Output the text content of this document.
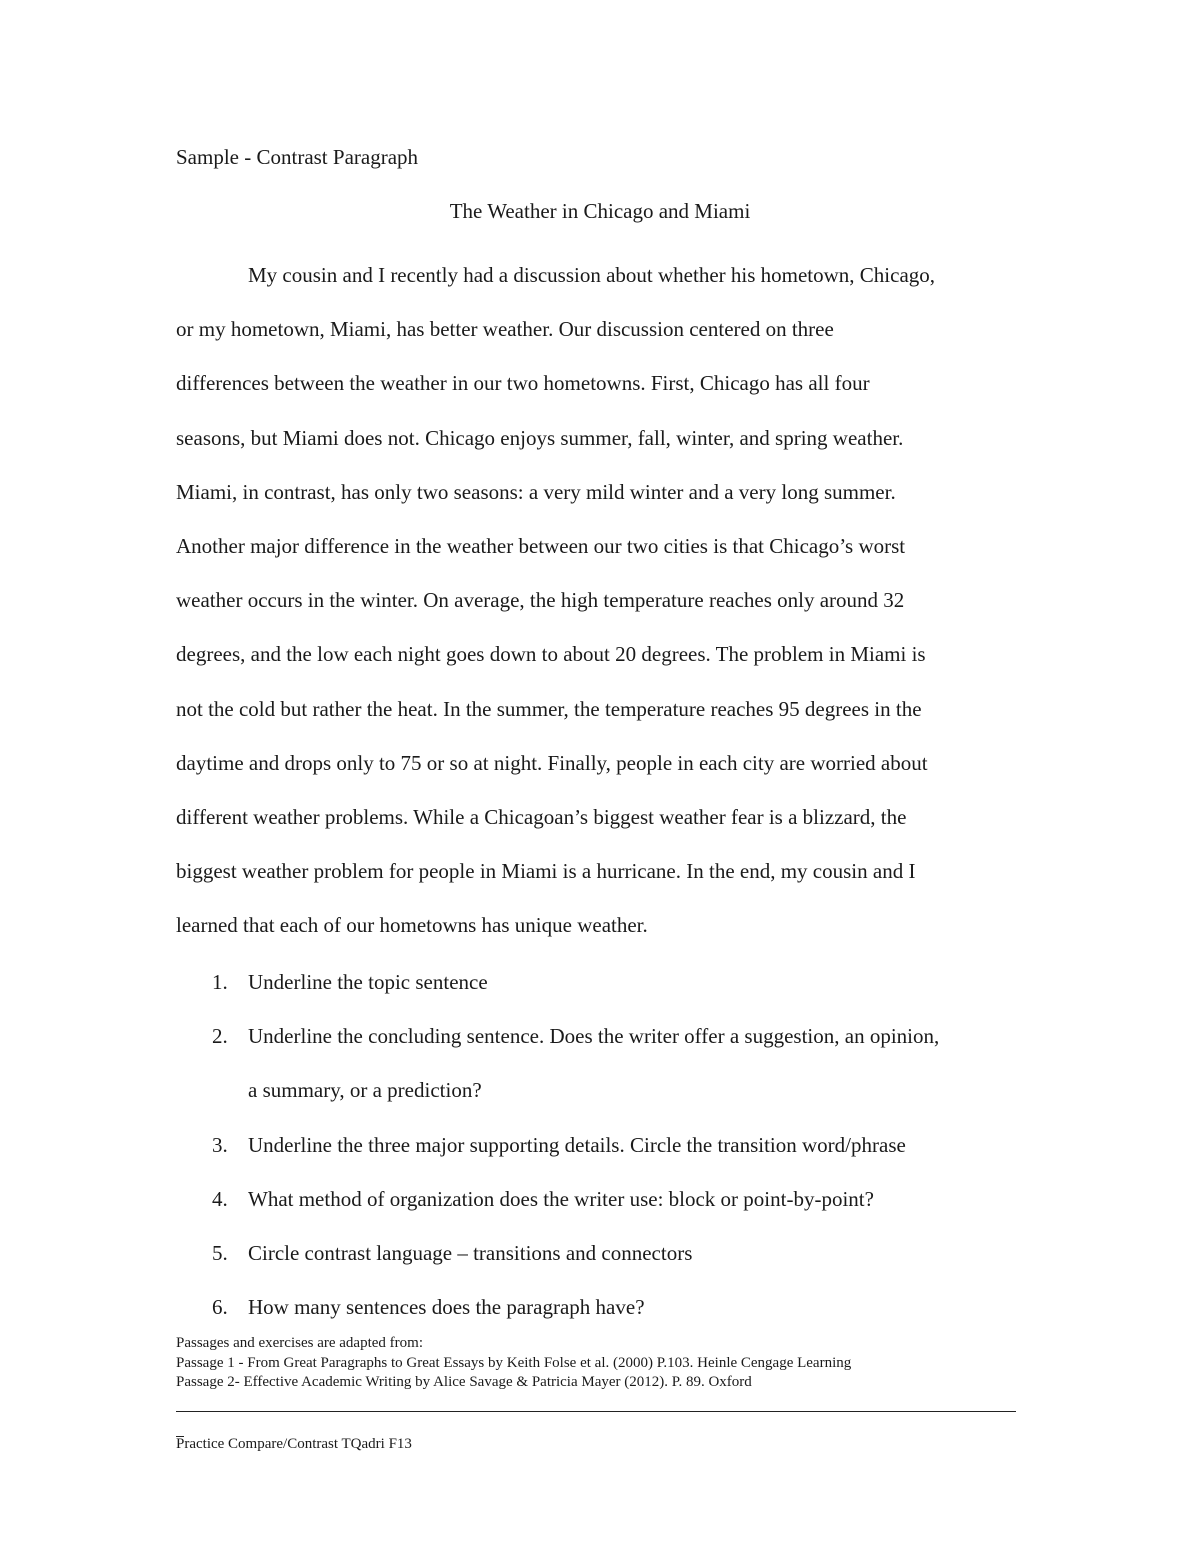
Sample - Contrast Paragraph
The Weather in Chicago and Miami
My cousin and I recently had a discussion about whether his hometown, Chicago,
or my hometown, Miami, has better weather. Our discussion centered on three
differences between the weather in our two hometowns. First, Chicago has all four
seasons, but Miami does not. Chicago enjoys summer, fall, winter, and spring weather.
Miami, in contrast, has only two seasons: a very mild winter and a very long summer.
Another major difference in the weather between our two cities is that Chicago’s worst
weather occurs in the winter. On average, the high temperature reaches only around 32
degrees, and the low each night goes down to about 20 degrees. The problem in Miami is
not the cold but rather the heat. In the summer, the temperature reaches 95 degrees in the
daytime and drops only to 75 or so at night. Finally, people in each city are worried about
different weather problems. While a Chicagoan’s biggest weather fear is a blizzard, the
biggest weather problem for people in Miami is a hurricane. In the end, my cousin and I
learned that each of our hometowns has unique weather.
1. Underline the topic sentence
2. Underline the concluding sentence. Does the writer offer a suggestion, an opinion,
a summary, or a prediction?
3. Underline the three major supporting details. Circle the transition word/phrase
4. What method of organization does the writer use: block or point-by-point?
5. Circle contrast language – transitions and connectors
6. How many sentences does the paragraph have?
Passages and exercises are adapted from:
Passage 1 - From Great Paragraphs to Great Essays by Keith Folse et al. (2000) P.103. Heinle Cengage Learning
Passage 2- Effective Academic Writing by Alice Savage & Patricia Mayer (2012). P. 89. Oxford
Practice Compare/Contrast TQadri F13
